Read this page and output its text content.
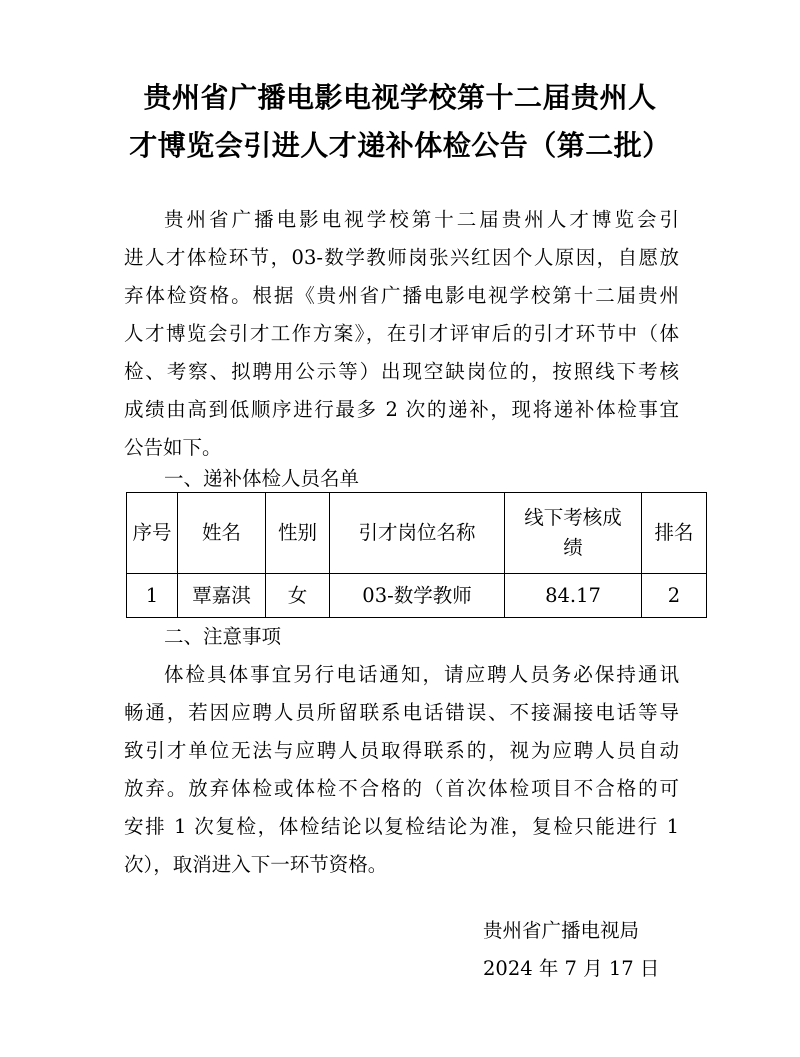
贵州省广播电影电视学校第十二届贵州人
才博览会引进人才递补体检公告（第二批）
贵州省广播电影电视学校第十二届贵州人才博览会引
进人才体检环节，03-数学教师岗张兴红因个人原因，自愿放
弃体检资格。根据《贵州省广播电影电视学校第十二届贵州
人才博览会引才工作方案》，在引才评审后的引才环节中（体
检、考察、拟聘用公示等）出现空缺岗位的，按照线下考核
成绩由高到低顺序进行最多 2 次的递补，现将递补体检事宜
公告如下。
一、递补体检人员名单
序号	姓名	性别	引才岗位名称	线下考核成绩	排名
1	覃嘉淇	女	03-数学教师	84.17	2
二、注意事项
体检具体事宜另行电话通知，请应聘人员务必保持通讯
畅通，若因应聘人员所留联系电话错误、不接漏接电话等导
致引才单位无法与应聘人员取得联系的，视为应聘人员自动
放弃。放弃体检或体检不合格的（首次体检项目不合格的可
安排 1 次复检，体检结论以复检结论为准，复检只能进行 1
次），取消进入下一环节资格。
贵州省广播电视局
2024 年 7 月 17 日
